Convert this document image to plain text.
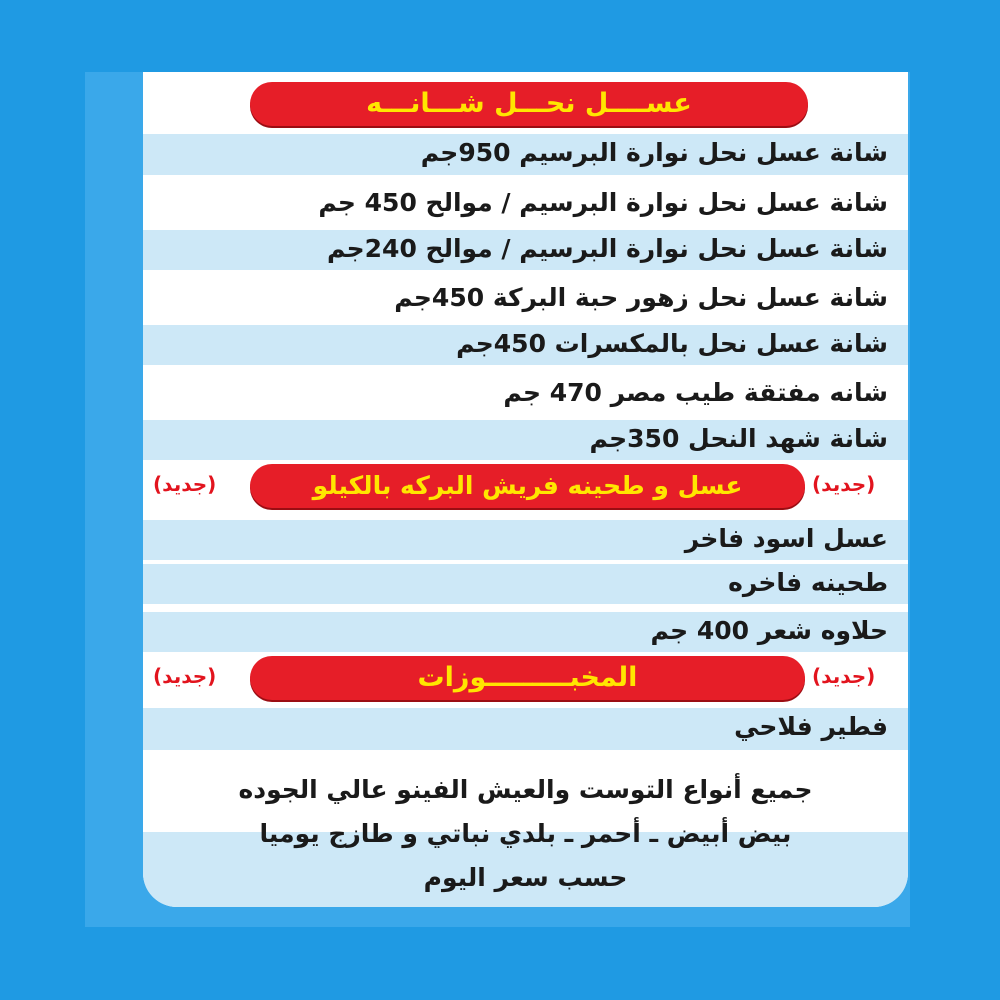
شانة عسل نحل نوارة البرسيم 950جم
شانة عسل نحل نوارة البرسيم / موالح 450 جم
شانة عسل نحل نوارة البرسيم / موالح 240جم
شانة عسل نحل زهور حبة البركة 450جم
شانة عسل نحل بالمكسرات 450جم
شانه مفتقة طيب مصر 470 جم
شانة شهد النحل 350جم
عسل اسود فاخر
طحينه فاخره
حلاوه شعر 400 جم
فطير فلاحي
عســــل نحـــل شـــانـــه
عسل و طحينه فريش البركه بالكيلو	(جديد)
(جديد)
المخبـــــــــوزات	(جديد)
(جديد)
جميع أنواع التوست والعيش الفينو عالي الجوده
بيض أبيض ـ أحمر ـ بلدي نباتي و طازج يوميا
حسب سعر اليوم
